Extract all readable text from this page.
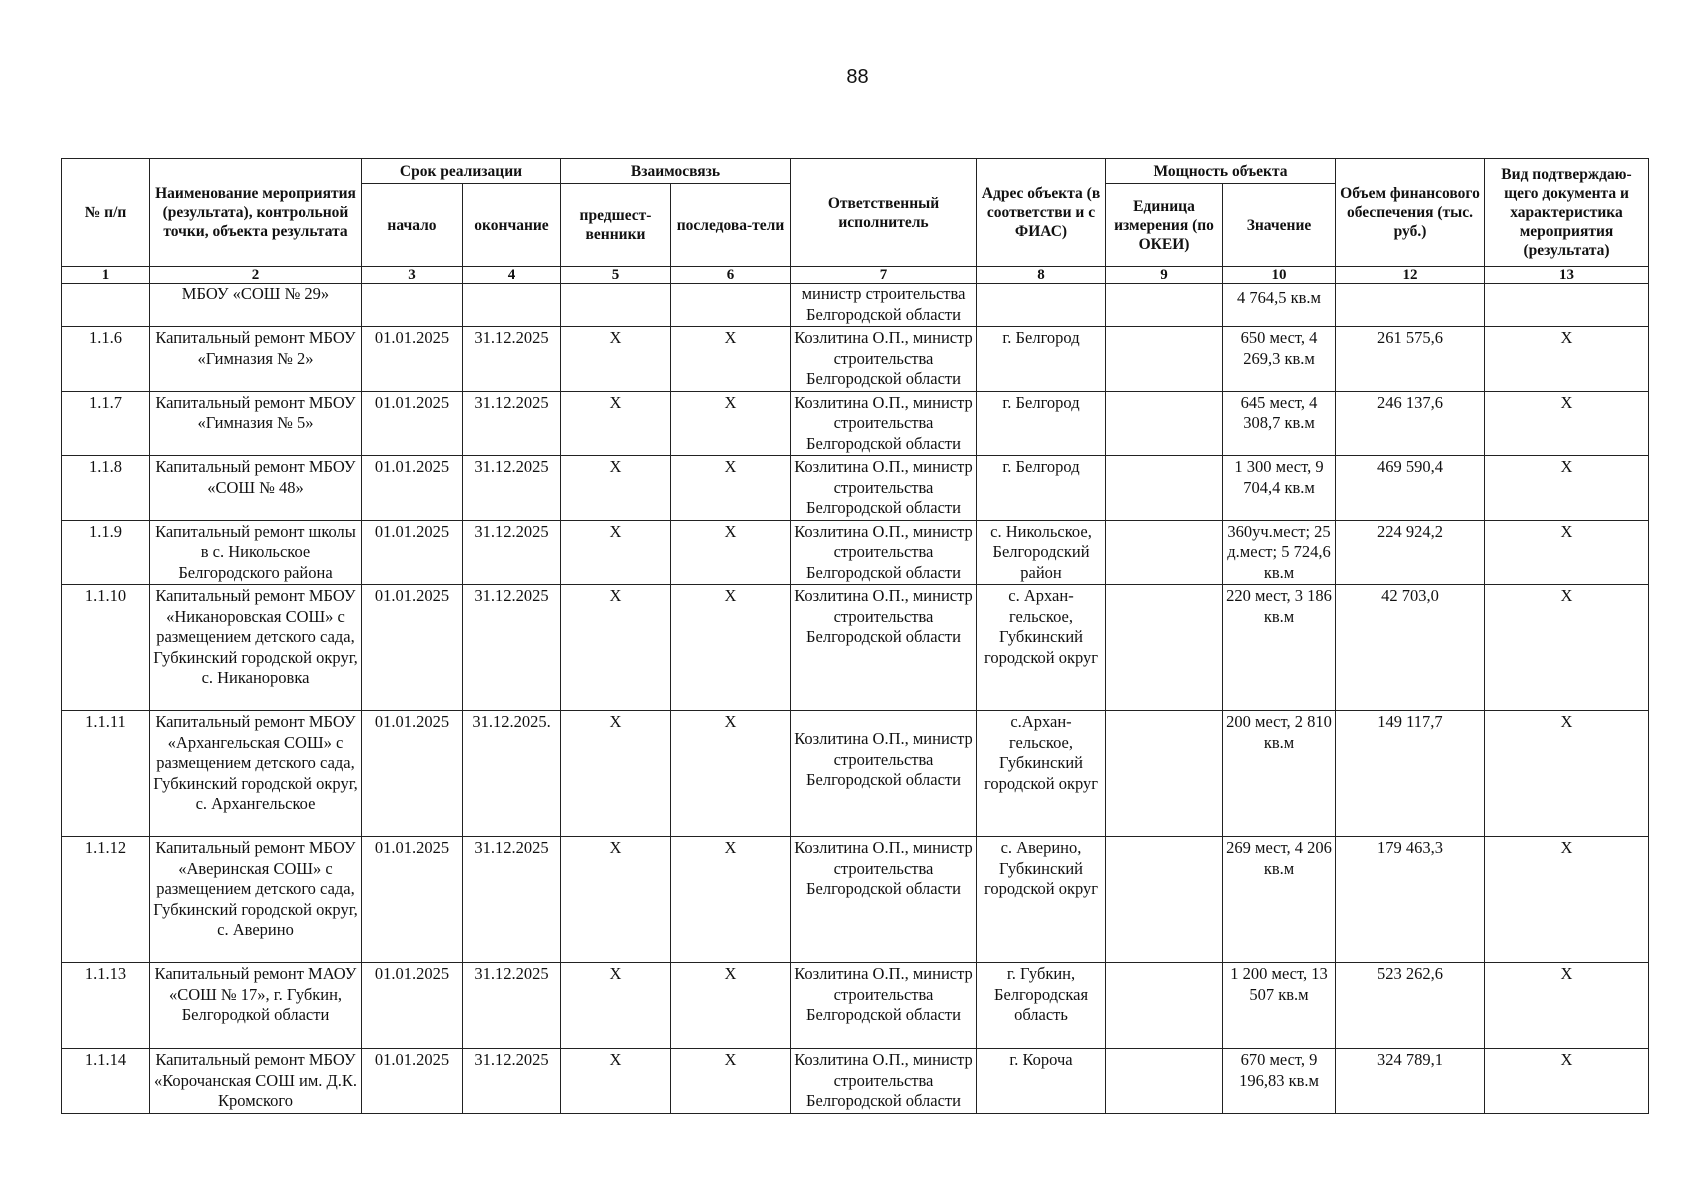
88
№ п/п	Наименование мероприятия (результата), контрольной точки, объекта результата	Срок реализации		Взаимосвязь		Ответственный исполнитель	Адрес объекта (в соответстви и с ФИАС)	Мощность объекта		Объем финансового обеспечения (тыс. руб.)	Вид подтверждаю-щего документа и характеристика мероприятия (результата)
		начало	окончание	предшест-венники	последова-тели			Единица измерения (по ОКЕИ)	Значение		
1	2	3	4	5	6	7	8	9	10	12	13
	МБОУ «СОШ № 29»					министр строительства Белгородской области			4 764,5 кв.м		
1.1.6	Капитальный ремонт МБОУ «Гимназия № 2»	01.01.2025	31.12.2025	X	X	Козлитина О.П., министр строительства Белгородской области	г. Белгород		650 мест, 4 269,3 кв.м	261 575,6	X
1.1.7	Капитальный ремонт МБОУ «Гимназия № 5»	01.01.2025	31.12.2025	X	X	Козлитина О.П., министр строительства Белгородской области	г. Белгород		645 мест, 4 308,7 кв.м	246 137,6	X
1.1.8	Капитальный ремонт МБОУ «СОШ № 48»	01.01.2025	31.12.2025	X	X	Козлитина О.П., министр строительства Белгородской области	г. Белгород		1 300 мест, 9 704,4 кв.м	469 590,4	X
1.1.9	Капитальный ремонт школы в с. Никольское Белгородского района	01.01.2025	31.12.2025	X	X	Козлитина О.П., министр строительства Белгородской области	с. Никольское, Белгородский район		360уч.мест; 25 д.мест; 5 724,6 кв.м	224 924,2	X
1.1.10	Капитальный ремонт МБОУ «Никаноровская СОШ» с размещением детского сада, Губкинский городской округ, с. Никаноровка	01.01.2025	31.12.2025	X	X	Козлитина О.П., министр строительства Белгородской области	с. Архан-гельское, Губкинский городской округ		220 мест, 3 186 кв.м	42 703,0	X
1.1.11	Капитальный ремонт МБОУ «Архангельская СОШ» с размещением детского сада, Губкинский городской округ, с. Архангельское	01.01.2025	31.12.2025.	X	X	Козлитина О.П., министр строительства Белгородской области	с.Архан-гельское, Губкинский городской округ		200 мест, 2 810 кв.м	149 117,7	X
1.1.12	Капитальный ремонт МБОУ «Аверинская СОШ» с размещением детского сада, Губкинский городской округ, с. Аверино	01.01.2025	31.12.2025	X	X	Козлитина О.П., министр строительства Белгородской области	с. Аверино, Губкинский городской округ		269 мест, 4 206 кв.м	179 463,3	X
1.1.13	Капитальный ремонт МАОУ «СОШ № 17», г. Губкин, Белгородкой области	01.01.2025	31.12.2025	X	X	Козлитина О.П., министр строительства Белгородской области	г. Губкин, Белгородская область		1 200 мест, 13 507 кв.м	523 262,6	X
1.1.14	Капитальный ремонт МБОУ «Корочанская СОШ им. Д.К. Кромского	01.01.2025	31.12.2025	X	X	Козлитина О.П., министр строительства Белгородской области	г. Короча		670 мест, 9 196,83 кв.м	324 789,1	X
